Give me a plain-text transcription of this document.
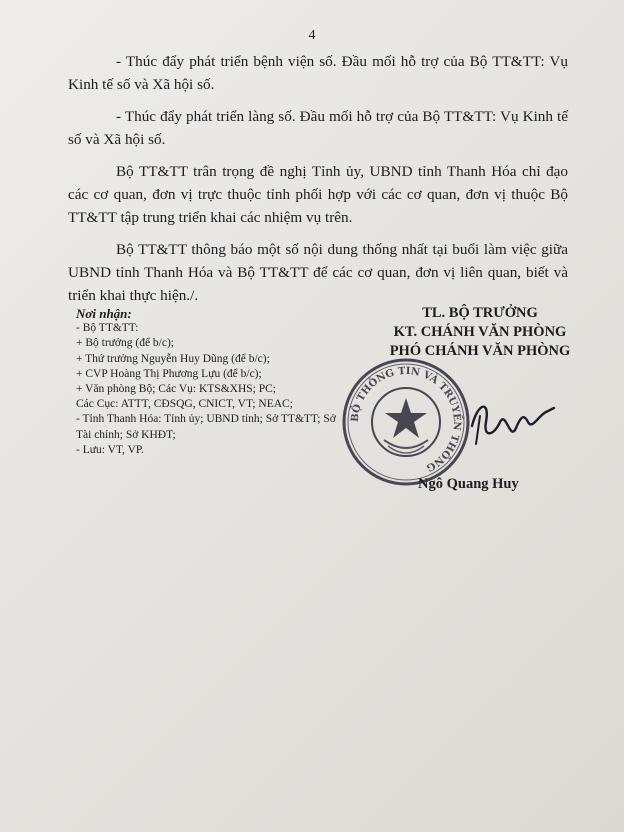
4

- Thúc đẩy phát triển bệnh viện số. Đầu mối hỗ trợ của Bộ TT&TT: Vụ Kinh tế số và Xã hội số.

- Thúc đẩy phát triển làng số. Đầu mối hỗ trợ của Bộ TT&TT: Vụ Kinh tế số và Xã hội số.

Bộ TT&TT trân trọng đề nghị Tỉnh ủy, UBND tỉnh Thanh Hóa chỉ đạo các cơ quan, đơn vị trực thuộc tỉnh phối hợp với các cơ quan, đơn vị thuộc Bộ TT&TT tập trung triển khai các nhiệm vụ trên.

Bộ TT&TT thông báo một số nội dung thống nhất tại buổi làm việc giữa UBND tỉnh Thanh Hóa và Bộ TT&TT để các cơ quan, đơn vị liên quan, biết và triển khai thực hiện./.

Nơi nhận:
- Bộ TT&TT:
+ Bộ trưởng (để b/c);
+ Thứ trưởng Nguyễn Huy Dũng (để b/c);
+ CVP Hoàng Thị Phương Lựu (để b/c);
+ Văn phòng Bộ; Các Vụ: KTS&XHS; PC;
Các Cục: ATTT, CĐSQG, CNICT, VT; NEAC;
- Tỉnh Thanh Hóa: Tỉnh ủy; UBND tỉnh; Sở TT&TT; Sở Tài chính; Sở KHĐT;
- Lưu: VT, VP.
TL. BỘ TRƯỞNG
KT. CHÁNH VĂN PHÒNG
PHÓ CHÁNH VĂN PHÒNG
BỘ THÔNG TIN VÀ TRUYỀN THÔNG
Ngô Quang Huy
